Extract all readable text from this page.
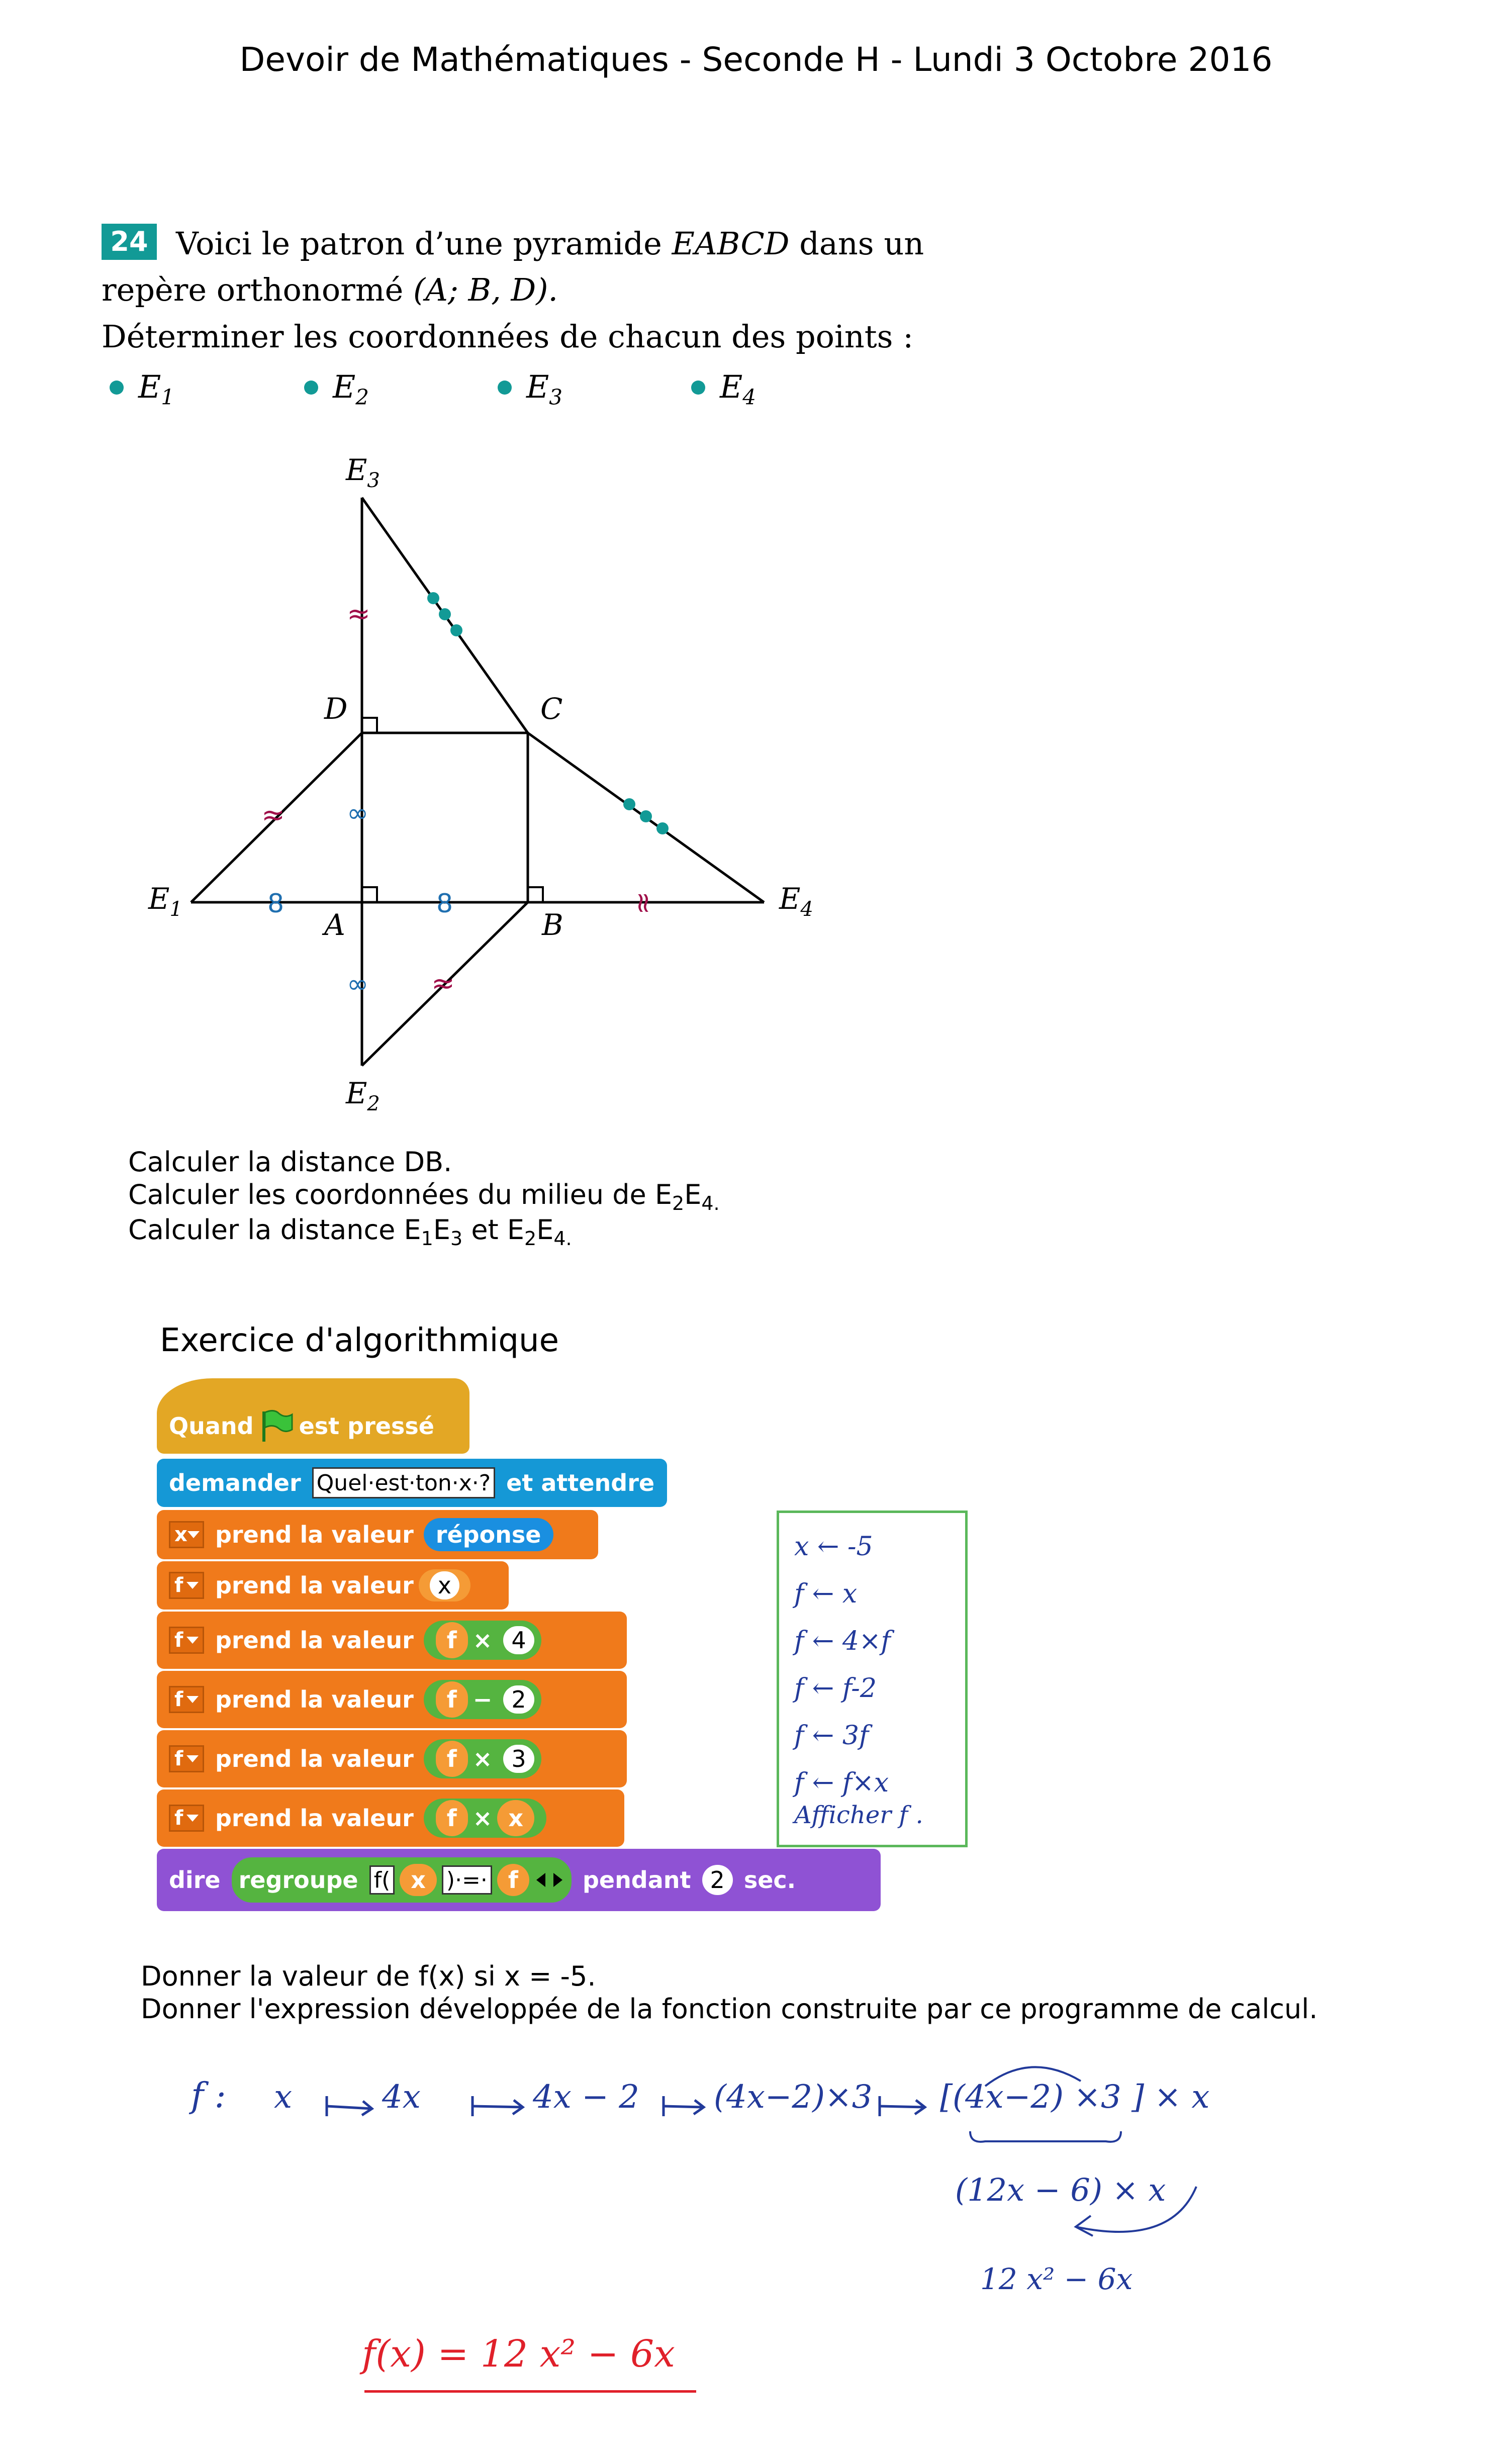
Devoir de Mathématiques - Seconde H - Lundi 3 Octobre 2016
24 Voici le patron d’une pyramide EABCD dans un
repère orthonormé (A; B, D).
Déterminer les coordonnées de chacun des points :
$E_1$	$E_2$	$E_3$	$E_4$
≈
≈
≈
≈
∞
∞
8	8
$E_3$
D	C
$E_1$	A	B
$E_4$
$E_2$
Calculer la distance DB.
Calculer les coordonnées du milieu de $E_2E_{4.}$
Calculer la distance $E_1E_3$ et $E_2E_{4.}$
Exercice d'algorithmique
Quand est pressé
demander Quel·est·ton·x·? et attendre
x prend la valeur réponse
f prend la valeur	x
f prend la valeur	f × 4
f prend la valeur	f − 2
f prend la valeur	f × 3
f prend la valeur	f × x
dire regroupe f( x )·=· f	pendant 2 sec.
x ← -5
f ← x
f ← 4×f
f ← f-2
f ← 3f
f ← f×x
Afficher f .
Donner la valeur de f(x) si x = -5.
Donner l'expression développée de la fonction construite par ce programme de calcul.
f : x	4x	4x − 2 (4x−2)×3 [(4x−2) ×3 ] × x
(12x − 6) × x
12 x² − 6x
f(x) = 12 x² − 6x
